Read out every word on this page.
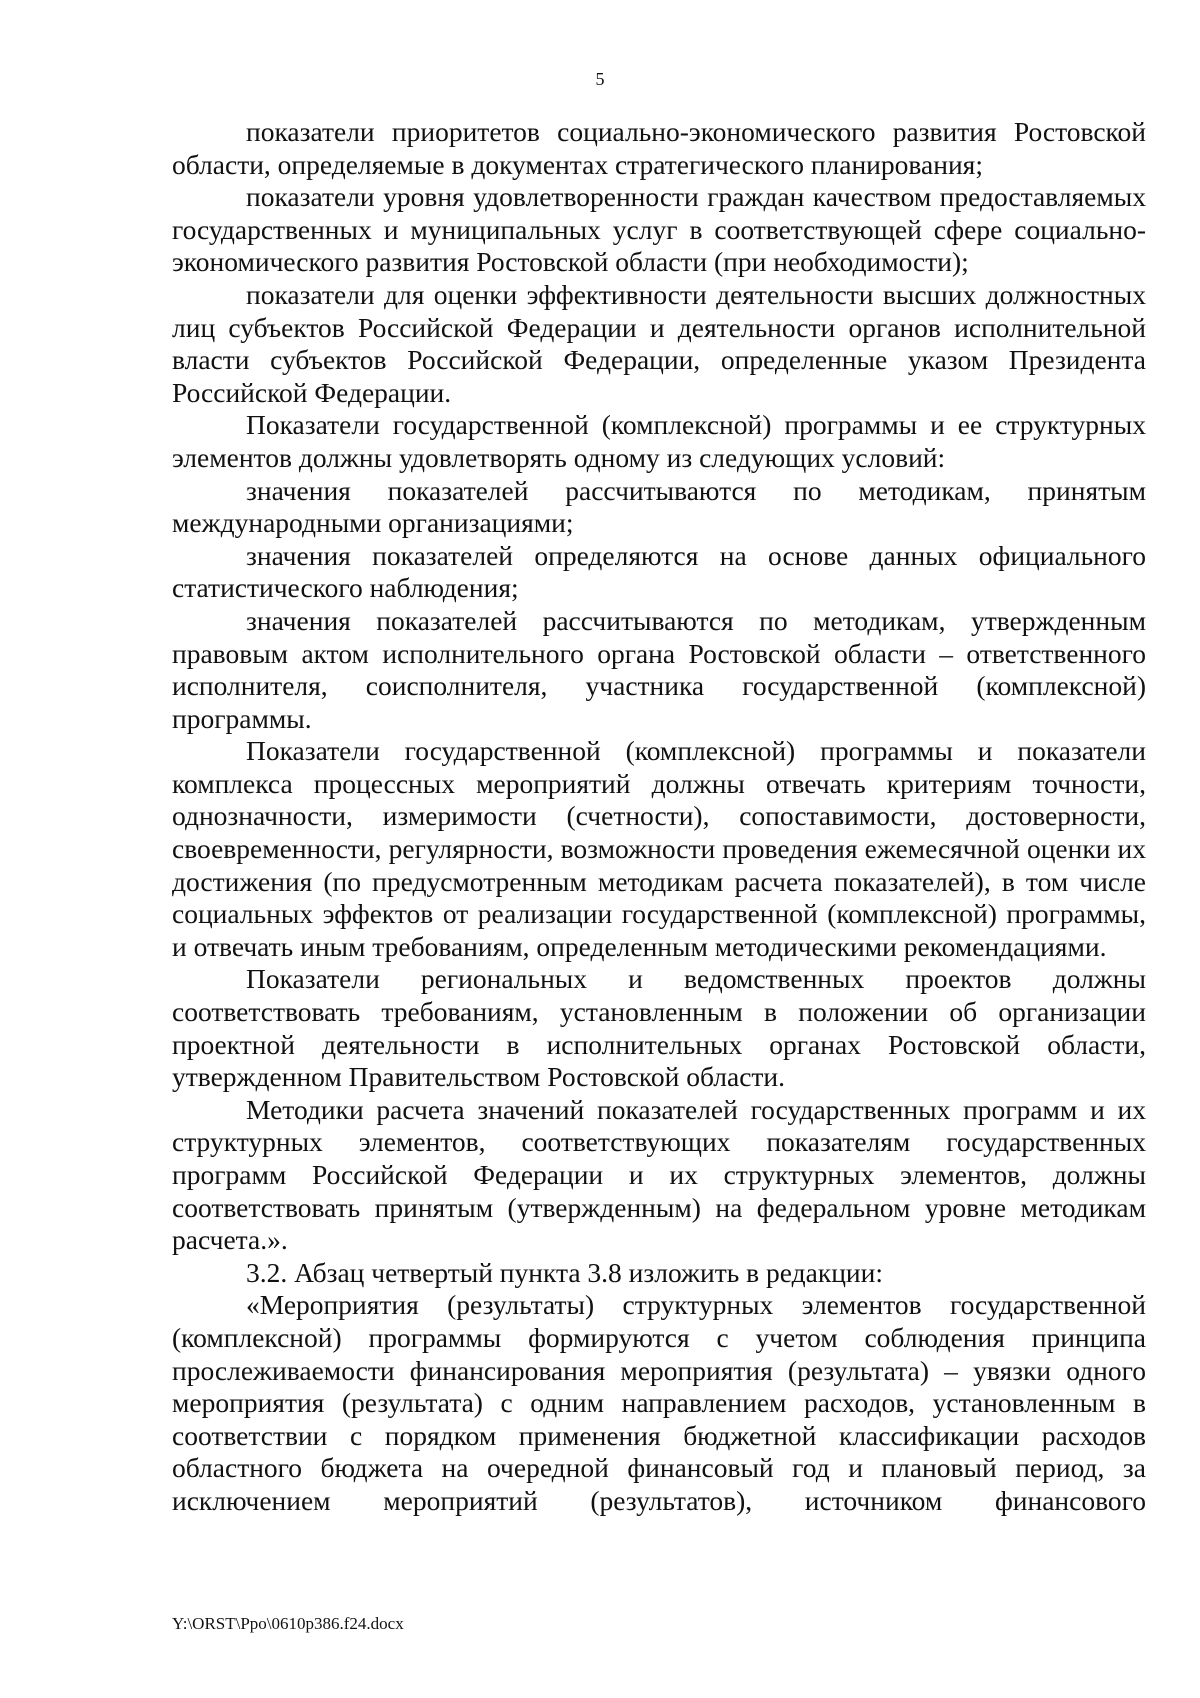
5

показатели приоритетов социально-экономического развития Ростовской области, определяемые в документах стратегического планирования;

показатели уровня удовлетворенности граждан качеством предоставляемых государственных и муниципальных услуг в соответствующей сфере социально-экономического развития Ростовской области (при необходимости);

показатели для оценки эффективности деятельности высших должностных лиц субъектов Российской Федерации и деятельности органов исполнительной власти субъектов Российской Федерации, определенные указом Президента Российской Федерации.

Показатели государственной (комплексной) программы и ее структурных элементов должны удовлетворять одному из следующих условий:

значения показателей рассчитываются по методикам, принятым международными организациями;

значения показателей определяются на основе данных официального статистического наблюдения;

значения показателей рассчитываются по методикам, утвержденным правовым актом исполнительного органа Ростовской области – ответственного исполнителя, соисполнителя, участника государственной (комплексной) программы.

Показатели государственной (комплексной) программы и показатели комплекса процессных мероприятий должны отвечать критериям точности, однозначности, измеримости (счетности), сопоставимости, достоверности, своевременности, регулярности, возможности проведения ежемесячной оценки их достижения (по предусмотренным методикам расчета показателей), в том числе социальных эффектов от реализации государственной (комплексной) программы, и отвечать иным требованиям, определенным методическими рекомендациями.

Показатели региональных и ведомственных проектов должны соответствовать требованиям, установленным в положении об организации проектной деятельности в исполнительных органах Ростовской области, утвержденном Правительством Ростовской области.

Методики расчета значений показателей государственных программ и их структурных элементов, соответствующих показателям государственных программ Российской Федерации и их структурных элементов, должны соответствовать принятым (утвержденным) на федеральном уровне методикам расчета.».

3.2. Абзац четвертый пункта 3.8 изложить в редакции:

«Мероприятия (результаты) структурных элементов государственной (комплексной) программы формируются с учетом соблюдения принципа прослеживаемости финансирования мероприятия (результата) – увязки одного мероприятия (результата) с одним направлением расходов, установленным в соответствии с порядком применения бюджетной классификации расходов областного бюджета на очередной финансовый год и плановый период, за исключением мероприятий (результатов), источником финансового

Y:\ORST\Ppo\0610p386.f24.docx
